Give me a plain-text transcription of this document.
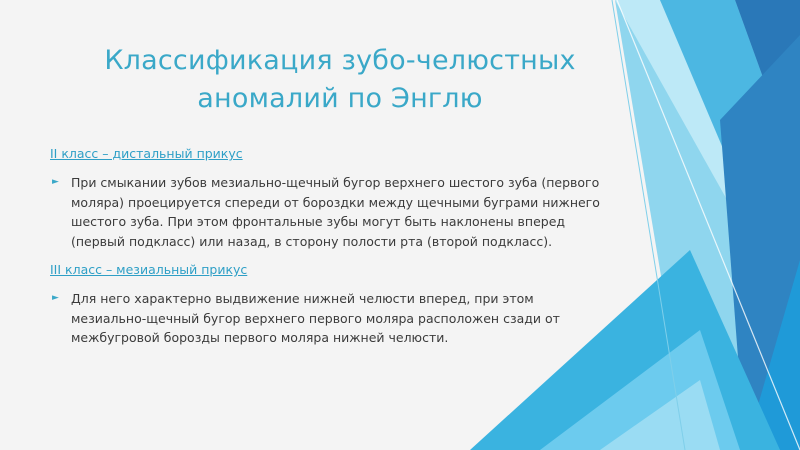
Классификация зубо-челюстных
аномалий по Энглю
II класс – дистальный прикус
► При смыкании зубов мезиально-щечный бугор верхнего шестого зуба (первого моляра) проецируется спереди от бороздки между щечными буграми нижнего шестого зуба. При этом фронтальные зубы могут быть наклонены вперед (первый подкласс) или назад, в сторону полости рта (второй подкласс).

III класс – мезиальный прикус
► Для него характерно выдвижение нижней челюсти вперед, при этом мезиально-щечный бугор верхнего первого моляра расположен сзади от межбугровой борозды первого моляра нижней челюсти.
